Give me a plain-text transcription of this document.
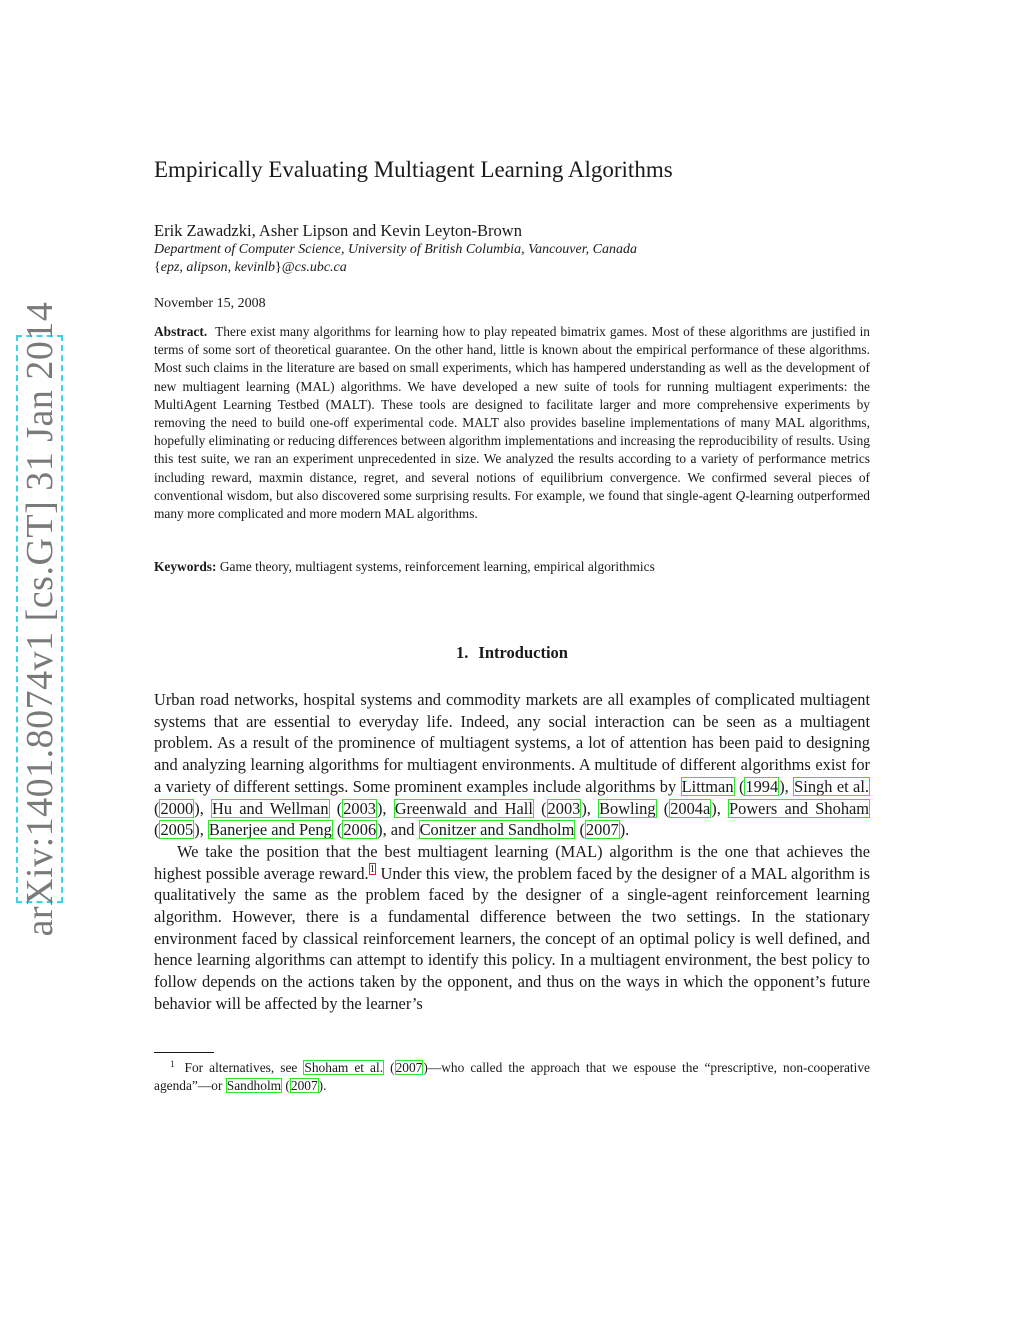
arXiv:1401.8074v1 [cs.GT] 31 Jan 2014
Empirically Evaluating Multiagent Learning Algorithms
Erik Zawadzki, Asher Lipson and Kevin Leyton-Brown
Department of Computer Science, University of British Columbia, Vancouver, Canada
{epz, alipson, kevinlb}@cs.ubc.ca
November 15, 2008
Abstract. There exist many algorithms for learning how to play repeated bimatrix games. Most of these algorithms are justified in terms of some sort of theoretical guarantee. On the other hand, little is known about the empirical performance of these algorithms. Most such claims in the literature are based on small experiments, which has hampered understanding as well as the development of new multiagent learning (MAL) algorithms. We have developed a new suite of tools for running multiagent experiments: the MultiAgent Learning Testbed (MALT). These tools are designed to facilitate larger and more comprehensive experiments by removing the need to build one-off experimental code. MALT also provides baseline implementations of many MAL algorithms, hopefully eliminating or reducing differences between algorithm implementations and increasing the reproducibility of results. Using this test suite, we ran an experiment unprecedented in size. We analyzed the results according to a variety of performance metrics including reward, maxmin distance, regret, and several notions of equilibrium convergence. We confirmed several pieces of conventional wisdom, but also discovered some surprising results. For example, we found that single-agent Q-learning outperformed many more complicated and more modern MAL algorithms.
Keywords: Game theory, multiagent systems, reinforcement learning, empirical algorithmics
1. Introduction

Urban road networks, hospital systems and commodity markets are all examples of complicated multiagent systems that are essential to everyday life. Indeed, any social interaction can be seen as a multiagent problem. As a result of the prominence of multiagent systems, a lot of attention has been paid to designing and analyzing learning algorithms for multiagent environments. A multitude of different algorithms exist for a variety of different settings. Some prominent examples include algorithms by Littman (1994), Singh et al. (2000), Hu and Wellman (2003), Greenwald and Hall (2003), Bowling (2004a), Powers and Shoham (2005), Banerjee and Peng (2006), and Conitzer and Sandholm (2007).

We take the position that the best multiagent learning (MAL) algorithm is the one that achieves the highest possible average reward.$^1$ Under this view, the problem faced by the designer of a MAL algorithm is qualitatively the same as the problem faced by the designer of a single-agent reinforcement learning algorithm. However, there is a fundamental difference between the two settings. In the stationary environment faced by classical reinforcement learners, the concept of an optimal policy is well defined, and hence learning algorithms can attempt to identify this policy. In a multiagent environment, the best policy to follow depends on the actions taken by the opponent, and thus on the ways in which the opponent’s future behavior will be affected by the learner’s

$^1$ For alternatives, see Shoham et al. (2007)—who called the approach that we espouse the “prescriptive, non-cooperative agenda”—or Sandholm (2007).
